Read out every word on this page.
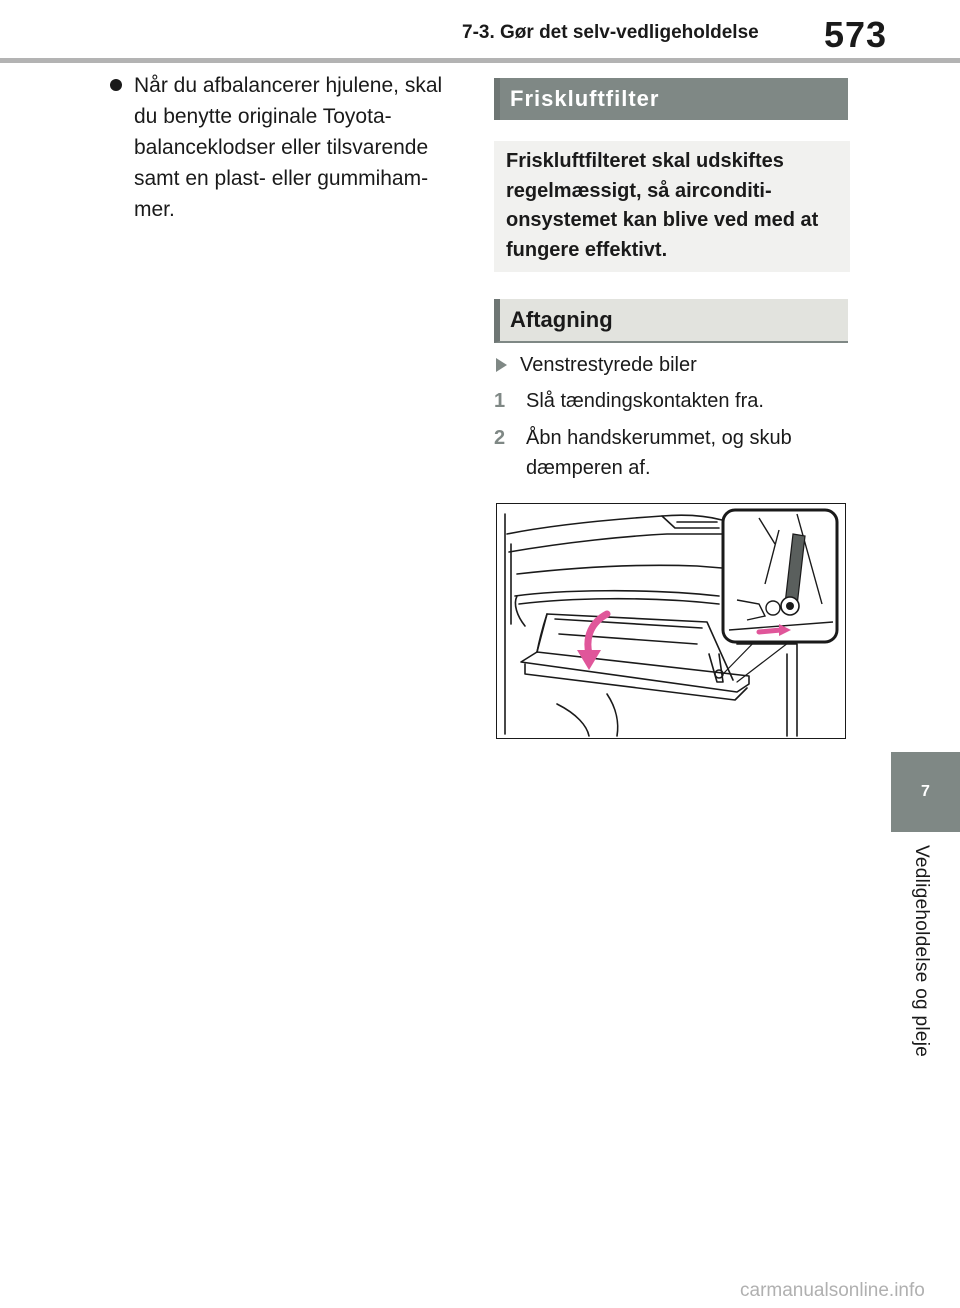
7-3. Gør det selv-vedligeholdelse 573
7
Vedligeholdelse og pleje
Når du afbalancerer hjulene, skal du benytte originale Toyota-balanceklodser eller tilsvarende samt en plast- eller gummiham-mer.
Friskluftfilter
Friskluftfilteret skal udskiftes regelmæssigt, så airconditi-onsystemet kan blive ved med at fungere effektivt.
Aftagning
Venstrestyrede biler
1	Slå tændingskontakten fra.
2	Åbn handskerummet, og skub dæmperen af.
carmanualsonline.info
